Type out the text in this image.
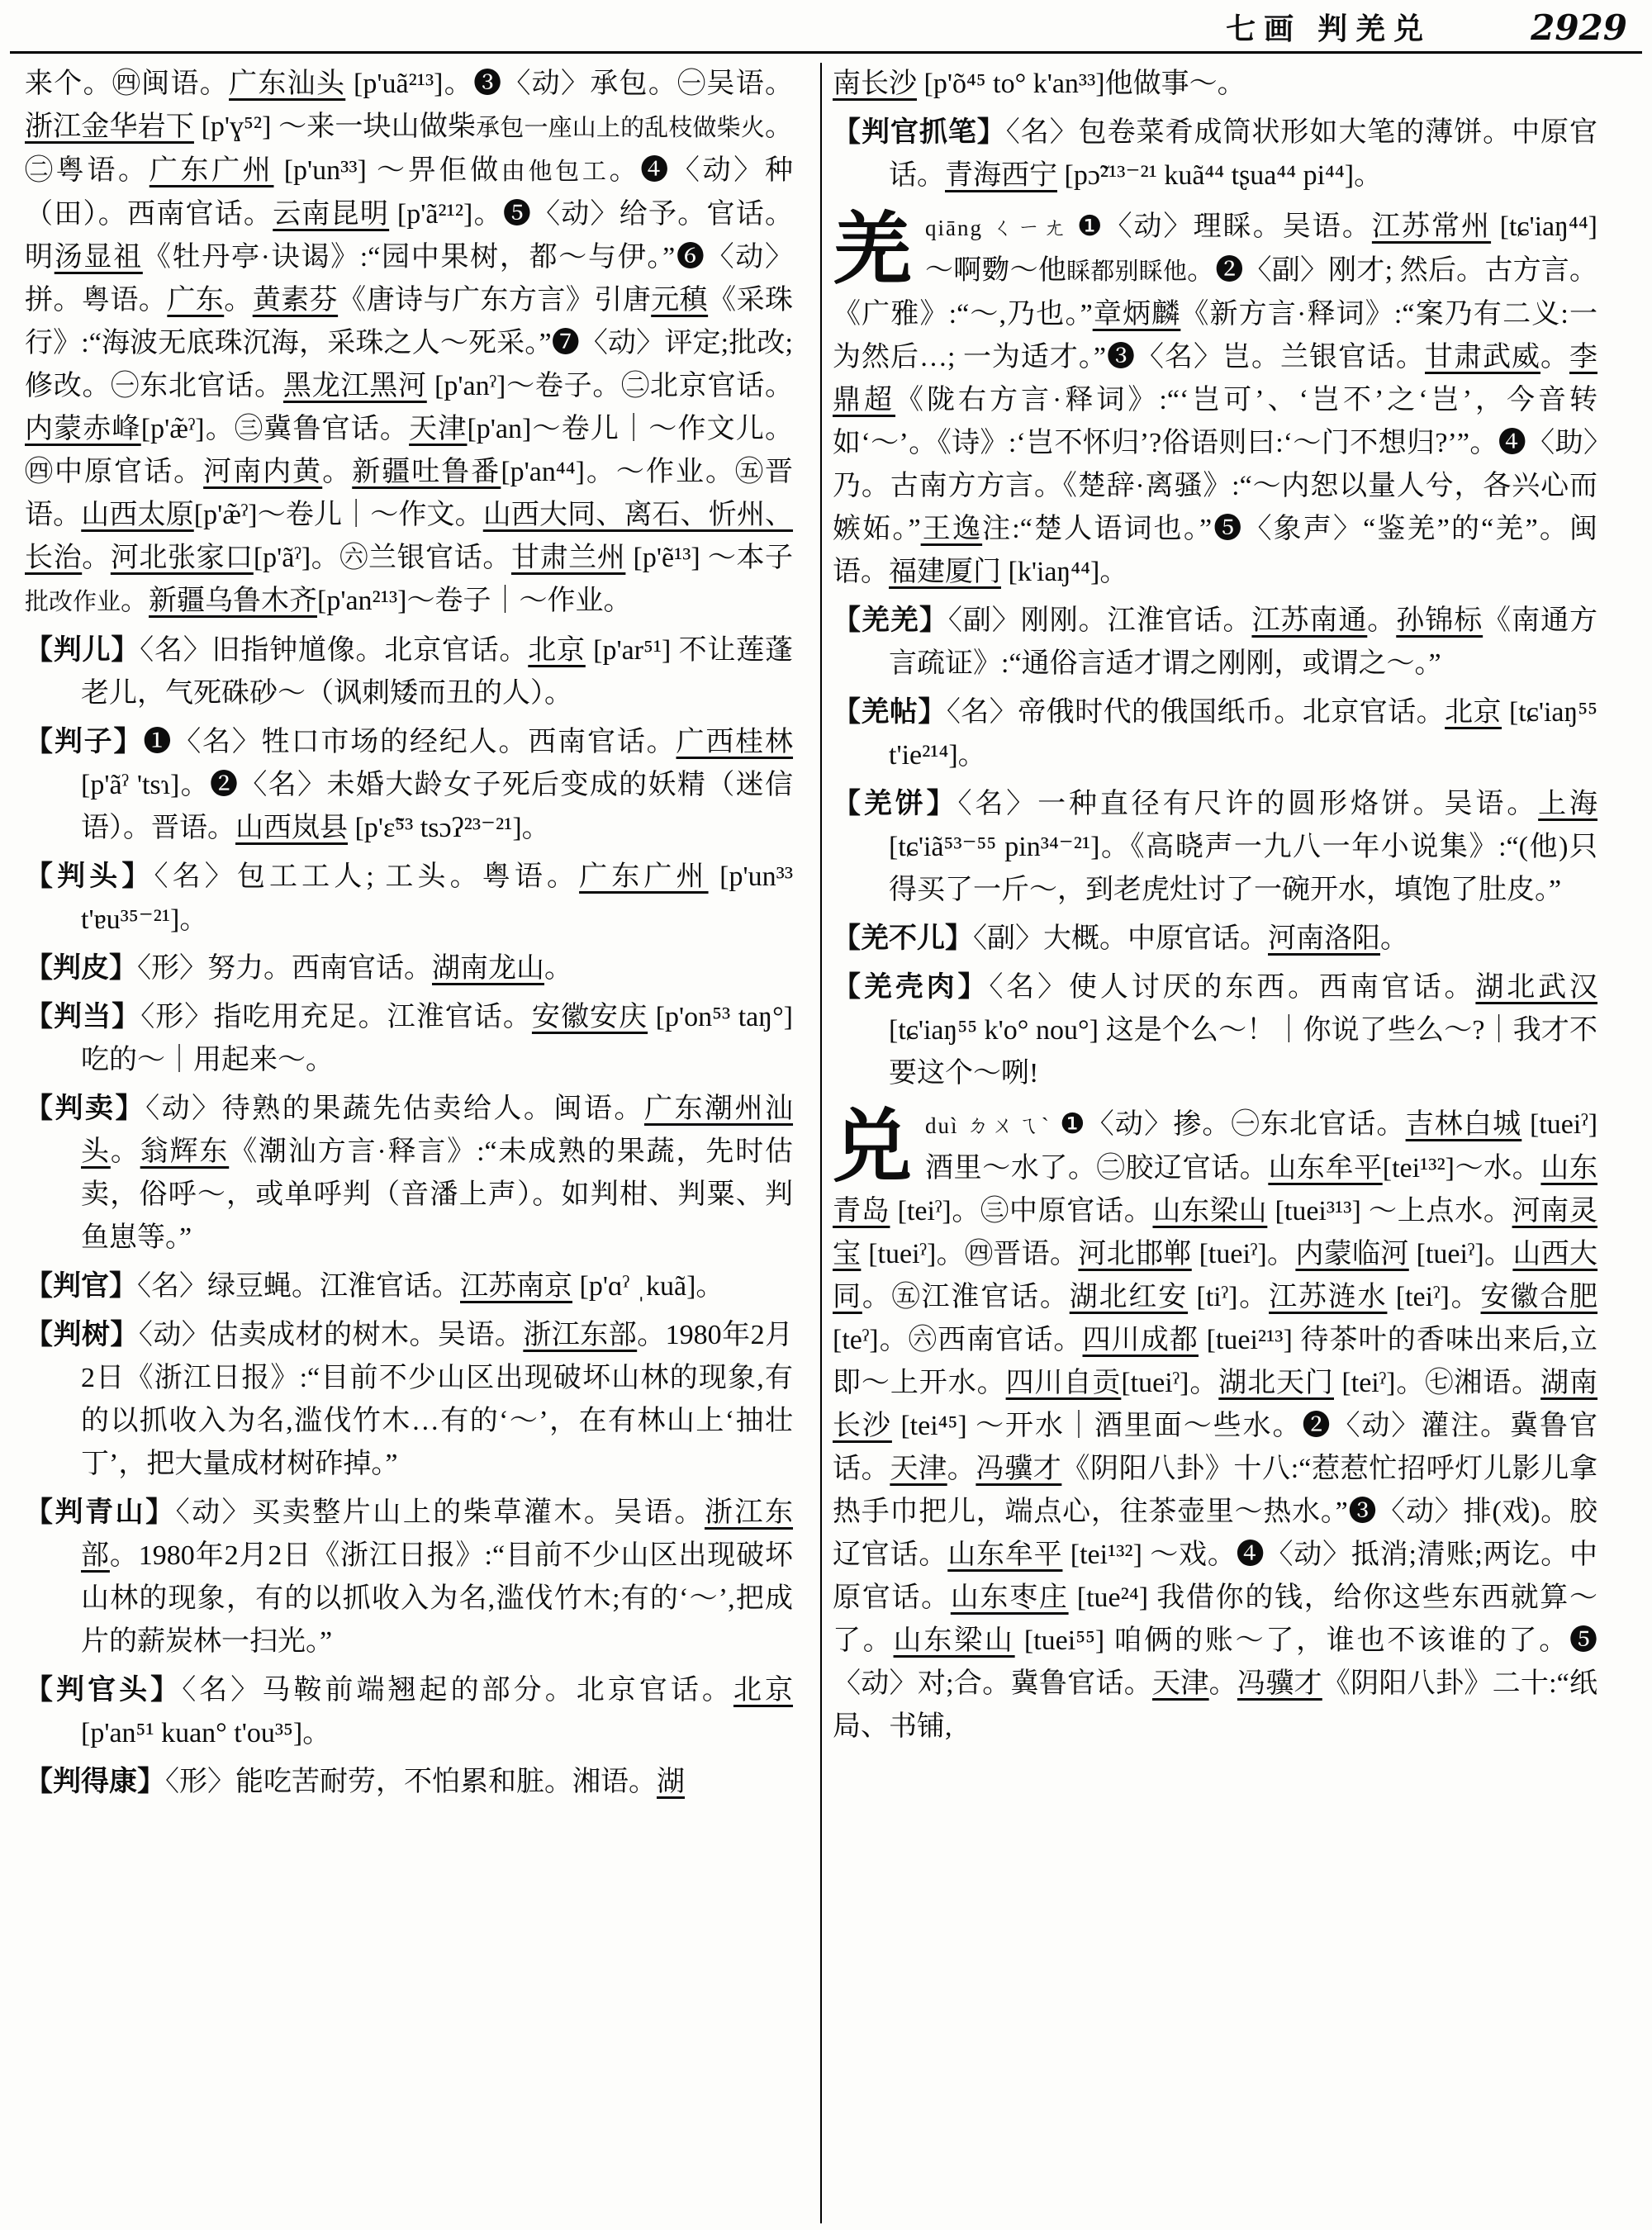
七画 判羌兑	2929

来个。㊃闽语。广东汕头 [p'uã²¹³]。❸〈动〉承包。㊀吴语。浙江金华岩下 [p'ɣ⁵²] ～来一块山做柴承包一座山上的乱枝做柴火。㊁粤语。广东广州 [p'un³³] ～畀佢做由他包工。❹〈动〉种（田）。西南官话。云南昆明 [p'ã²¹²]。❺〈动〉给予。官话。明汤显祖《牡丹亭·诀谒》:“园中果树，都～与伊。”❻〈动〉拼。粤语。广东。黄素芬《唐诗与广东方言》引唐元稹《采珠行》:“海波无底珠沉海，采珠之人～死采。”❼〈动〉评定;批改;修改。㊀东北官话。黑龙江黑河 [p'anˀ]～卷子。㊁北京官话。内蒙赤峰[p'æ̃ˀ]。㊂冀鲁官话。天津[p'an]～卷儿｜～作文儿。㊃中原官话。河南内黄。新疆吐鲁番[p'an⁴⁴]。～作业。㊄晋语。山西太原[p'æ̃ˀ]～卷儿｜～作文。山西大同、离石、忻州、长治。河北张家口[p'ãˀ]。㊅兰银官话。甘肃兰州 [p'ẽ¹³] ～本子批改作业。新疆乌鲁木齐[p'an²¹³]～卷子｜～作业。

【判儿】〈名〉旧指钟馗像。北京官话。北京 [p'ar⁵¹] 不让莲蓬老儿，气死硃砂～（讽刺矮而丑的人）。

【判子】❶〈名〉牲口市场的经纪人。西南官话。广西桂林 [p'ãˀ 'tsɿ]。❷〈名〉未婚大龄女子死后变成的妖精（迷信语）。晋语。山西岚县 [p'ɛ̃⁵³ tsɔʔ²³⁻²¹]。

【判头】〈名〉包工工人; 工头。粤语。广东广州 [p'un³³ t'ɐu³⁵⁻²¹]。

【判皮】〈形〉努力。西南官话。湖南龙山。

【判当】〈形〉指吃用充足。江淮官话。安徽安庆 [p'on⁵³ taŋ°] 吃的～｜用起来～。

【判卖】〈动〉待熟的果蔬先估卖给人。闽语。广东潮州汕头。翁辉东《潮汕方言·释言》:“未成熟的果蔬，先时估卖，俗呼～，或单呼判（音潘上声）。如判柑、判粟、判鱼崽等。”

【判官】〈名〉绿豆蝇。江淮官话。江苏南京 [p'ɑˀ ˌkuã]。

【判树】〈动〉估卖成材的树木。吴语。浙江东部。1980年2月2日《浙江日报》:“目前不少山区出现破坏山林的现象,有的以抓收入为名,滥伐竹木…有的‘～’，在有林山上‘抽壮丁’，把大量成材树砟掉。”

【判青山】〈动〉买卖整片山上的柴草灌木。吴语。浙江东部。1980年2月2日《浙江日报》:“目前不少山区出现破坏山林的现象，有的以抓收入为名,滥伐竹木;有的‘～’,把成片的薪炭林一扫光。”

【判官头】〈名〉马鞍前端翘起的部分。北京官话。北京 [p'an⁵¹ kuan° t'ou³⁵]。

【判得康】〈形〉能吃苦耐劳，不怕累和脏。湘语。湖

南长沙 [p'õ⁴⁵ to° k'an³³]他做事～。

【判官抓笔】〈名〉包卷菜肴成筒状形如大笔的薄饼。中原官话。青海西宁 [pɔ̃²¹³⁻²¹ kuã⁴⁴ tʂua⁴⁴ pi⁴⁴]。

羌qiāng ㄑㄧㄤ ❶〈动〉理睬。吴语。江苏常州 [tɕ'iaŋ⁴⁴] ～啊覅～他睬都别睬他。❷〈副〉刚才; 然后。古方言。《广雅》:“～,乃也。”章炳麟《新方言·释词》:“案乃有二义:一为然后…; 一为适才。”❸〈名〉岂。兰银官话。甘肃武威。李鼎超《陇右方言·释词》:“‘岂可’、‘岂不’之‘岂’，今音转如‘～’。《诗》:‘岂不怀归’?俗语则曰:‘～门不想归?’”。❹〈助〉乃。古南方方言。《楚辞·离骚》:“～内恕以量人兮，各兴心而嫉妬。”王逸注:“楚人语词也。”❺〈象声〉“鉴羌”的“羌”。闽语。福建厦门 [k'iaŋ⁴⁴]。

【羌羌】〈副〉刚刚。江淮官话。江苏南通。孙锦标《南通方言疏证》:“通俗言适才谓之刚刚，或谓之～。”

【羌帖】〈名〉帝俄时代的俄国纸币。北京官话。北京 [tɕ'iaŋ⁵⁵ t'ie²¹⁴]。

【羌饼】〈名〉一种直径有尺许的圆形烙饼。吴语。上海 [tɕ'iã⁵³⁻⁵⁵ pin³⁴⁻²¹]。《高晓声一九八一年小说集》:“(他)只得买了一斤～，到老虎灶讨了一碗开水，填饱了肚皮。”

【羌不儿】〈副〉大概。中原官话。河南洛阳。

【羌壳肉】〈名〉使人讨厌的东西。西南官话。湖北武汉 [tɕ'iaŋ⁵⁵ k'o° nou°] 这是个么～！｜你说了些么～?｜我才不要这个～咧!

兑duì ㄉㄨㄟˋ ❶〈动〉掺。㊀东北官话。吉林白城 [tueiˀ]酒里～水了。㊁胶辽官话。山东牟平[tei¹³²]～水。山东青岛 [teiˀ]。㊂中原官话。山东梁山 [tuei³¹³] ～上点水。河南灵宝 [tueiˀ]。㊃晋语。河北邯郸 [tueiˀ]。内蒙临河 [tueiˀ]。山西大同。㊄江淮官话。湖北红安 [tiˀ]。江苏涟水 [teiˀ]。安徽合肥 [teˀ]。㊅西南官话。四川成都 [tuei²¹³] 待茶叶的香味出来后,立即～上开水。四川自贡[tueiˀ]。湖北天门 [teiˀ]。㊆湘语。湖南长沙 [tei⁴⁵] ～开水｜酒里面～些水。❷〈动〉灌注。冀鲁官话。天津。冯骥才《阴阳八卦》十八:“惹惹忙招呼灯儿影儿拿热手巾把儿，端点心，往茶壶里～热水。”❸〈动〉排(戏)。胶辽官话。山东牟平 [tei¹³²] ～戏。❹〈动〉抵消;清账;两讫。中原官话。山东枣庄 [tue²⁴] 我借你的钱，给你这些东西就算～了。山东梁山 [tuei⁵⁵] 咱俩的账～了，谁也不该谁的了。❺〈动〉对;合。冀鲁官话。天津。冯骥才《阴阳八卦》二十:“纸局、书铺,
